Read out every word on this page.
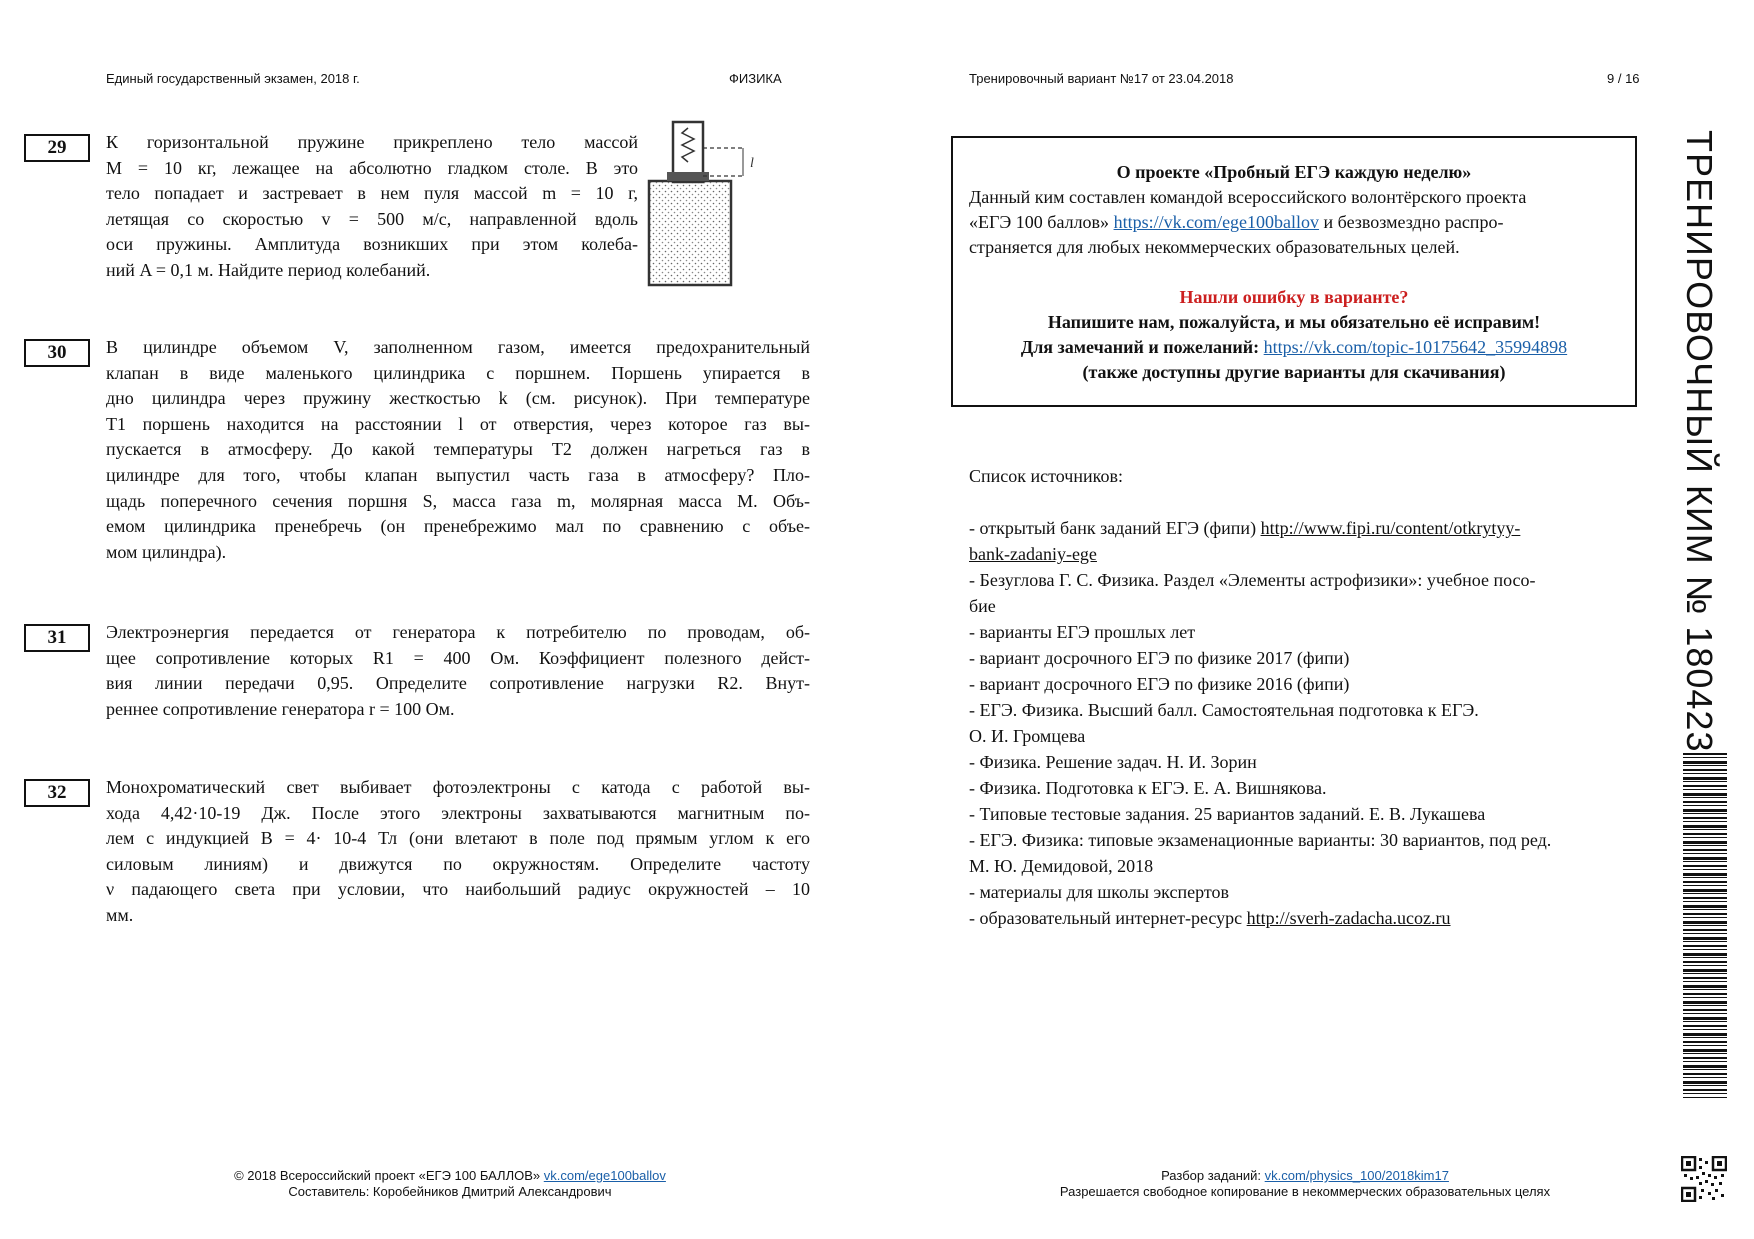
Единый государственный экзамен, 2018 г.	ФИЗИКА	Тренировочный вариант №17 от 23.04.2018	9 / 16
29	К горизонтальной пружине прикреплено тело массой
M = 10 кг, лежащее на абсолютно гладком столе. В это
тело попадает и застревает в нем пуля массой m = 10 г,
летящая со скоростью v = 500 м/с, направленной вдоль
оси пружины. Амплитуда возникших при этом колеба-
ний A = 0,1 м. Найдите период колебаний.
l
30	В цилиндре объемом V, заполненном газом, имеется предохранительный
клапан в виде маленького цилиндрика с поршнем. Поршень упирается в
дно цилиндра через пружину жесткостью k (см. рисунок). При температуре
T1 поршень находится на расстоянии l от отверстия, через которое газ вы-
пускается в атмосферу. До какой температуры T2 должен нагреться газ в
цилиндре для того, чтобы клапан выпустил часть газа в атмосферу? Пло-
щадь поперечного сечения поршня S, масса газа m, молярная масса M. Объ-
емом цилиндрика пренебречь (он пренебрежимо мал по сравнению с объе-
мом цилиндра).
31	Электроэнергия передается от генератора к потребителю по проводам, об-
щее сопротивление которых R1 = 400 Ом. Коэффициент полезного дейст-
вия линии передачи 0,95. Определите сопротивление нагрузки R2. Внут-
реннее сопротивление генератора r = 100 Ом.
32	Монохроматический свет выбивает фотоэлектроны с катода с работой вы-
хода 4,42·10-19 Дж. После этого электроны захватываются магнитным по-
лем с индукцией B = 4· 10-4 Тл (они влетают в поле под прямым углом к его
силовым линиям) и движутся по окружностям. Определите частоту
ν падающего света при условии, что наибольший радиус окружностей – 10
мм.
О проекте «Пробный ЕГЭ каждую неделю»
Данный ким составлен командой всероссийского волонтёрского проекта
«ЕГЭ 100 баллов» https://vk.com/ege100ballov и безвозмездно распро-
страняется для любых некоммерческих образовательных целей.
Нашли ошибку в варианте?
Напишите нам, пожалуйста, и мы обязательно её исправим!
Для замечаний и пожеланий: https://vk.com/topic-10175642_35994898
(также доступны другие варианты для скачивания)
Список источников:
- открытый банк заданий ЕГЭ (фипи) http://www.fipi.ru/content/otkrytyy-
bank-zadaniy-ege
- Безуглова Г. С. Физика. Раздел «Элементы астрофизики»: учебное посо-
бие
- варианты ЕГЭ прошлых лет
- вариант досрочного ЕГЭ по физике 2017 (фипи)
- вариант досрочного ЕГЭ по физике 2016 (фипи)
- ЕГЭ. Физика. Высший балл. Самостоятельная подготовка к ЕГЭ.
О. И. Громцева
- Физика. Решение задач. Н. И. Зорин
- Физика. Подготовка к ЕГЭ. Е. А. Вишнякова.
- Типовые тестовые задания. 25 вариантов заданий. Е. В. Лукашева
- ЕГЭ. Физика: типовые экзаменационные варианты: 30 вариантов, под ред.
М. Ю. Демидовой, 2018
- материалы для школы экспертов
- образовательный интернет-ресурс http://sverh-zadacha.ucoz.ru
ТРЕНИРОВОЧНЫЙ КИМ № 180423
© 2018 Всероссийский проект «ЕГЭ 100 БАЛЛОВ» vk.com/ege100ballov
Составитель: Коробейников Дмитрий Александрович
Разбор заданий: vk.com/physics_100/2018kim17
Разрешается свободное копирование в некоммерческих образовательных целях
